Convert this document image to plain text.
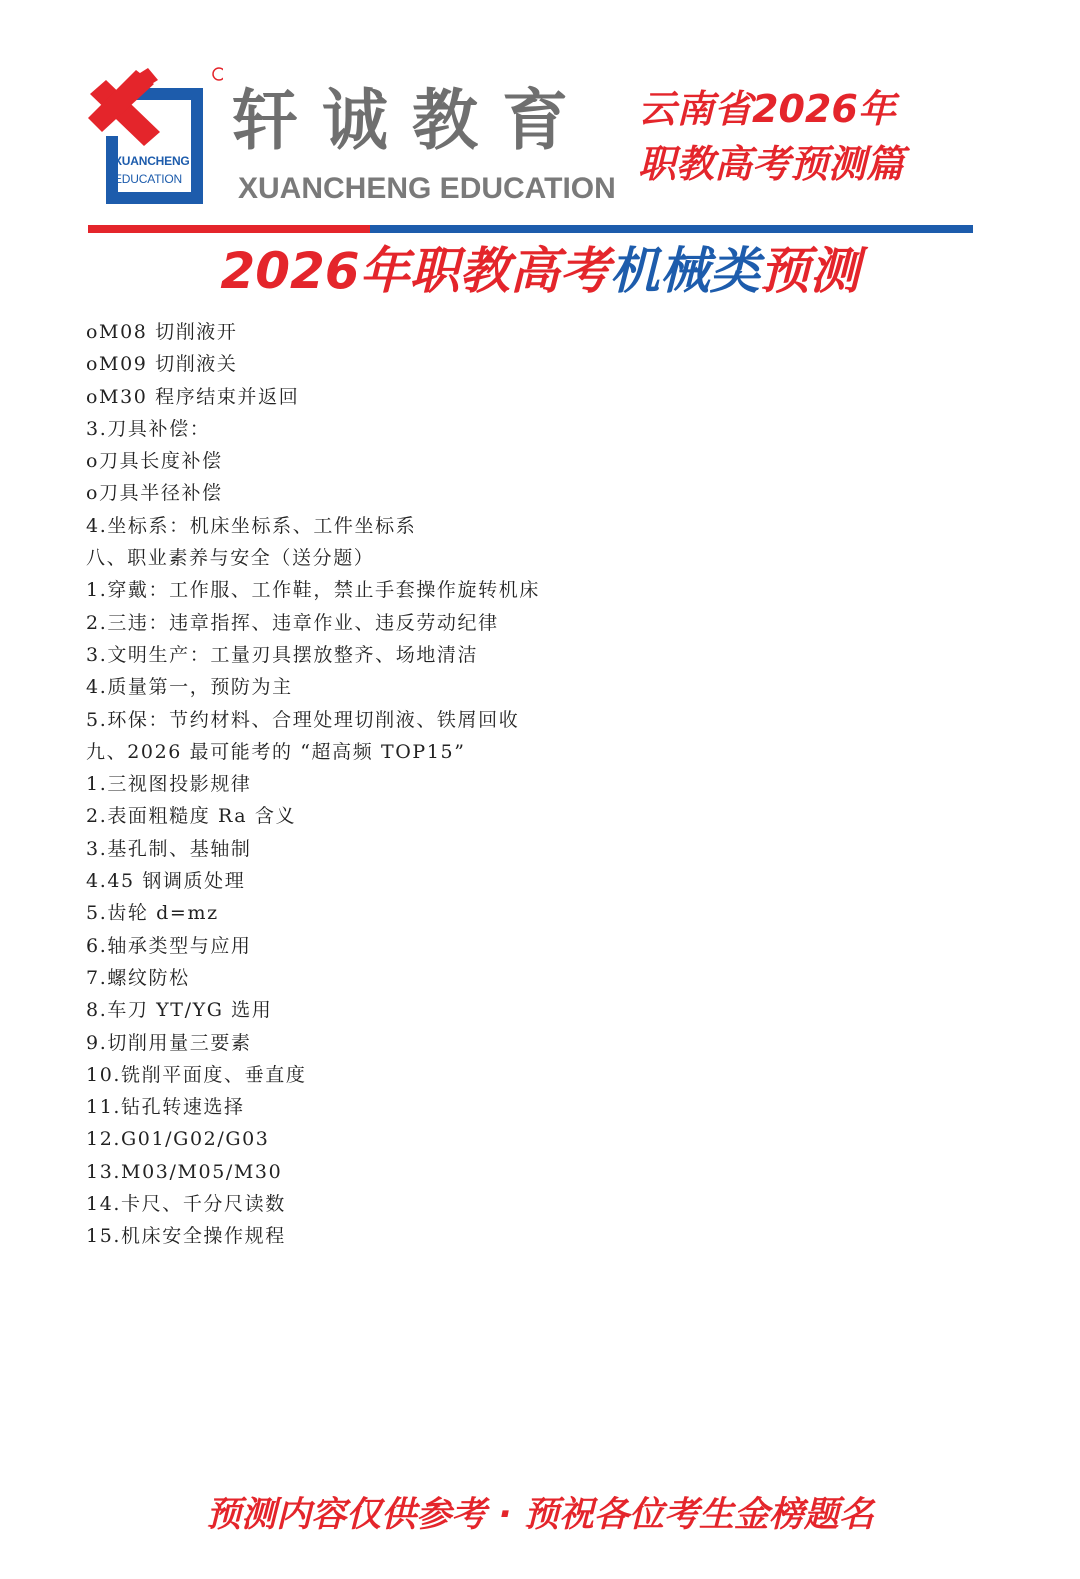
XUANCHENG
EDUCATION
轩诚教育
XUANCHENG EDUCATION
云南省2026年
职教高考预测篇
2026年职教高考机械类预测
oM08 切削液开
oM09 切削液关
oM30 程序结束并返回
3.刀具补偿：
o刀具长度补偿
o刀具半径补偿
4.坐标系：机床坐标系、工件坐标系
八、职业素养与安全（送分题）
1.穿戴：工作服、工作鞋，禁止手套操作旋转机床
2.三违：违章指挥、违章作业、违反劳动纪律
3.文明生产：工量刃具摆放整齐、场地清洁
4.质量第一，预防为主
5.环保：节约材料、合理处理切削液、铁屑回收
九、2026 最可能考的 “超高频 TOP15”
1.三视图投影规律
2.表面粗糙度 Ra 含义
3.基孔制、基轴制
4.45 钢调质处理
5.齿轮 d=mz
6.轴承类型与应用
7.螺纹防松
8.车刀 YT/YG 选用
9.切削用量三要素
10.铣削平面度、垂直度
11.钻孔转速选择
12.G01/G02/G03
13.M03/M05/M30
14.卡尺、千分尺读数
15.机床安全操作规程
预测内容仅供参考 · 预祝各位考生金榜题名
